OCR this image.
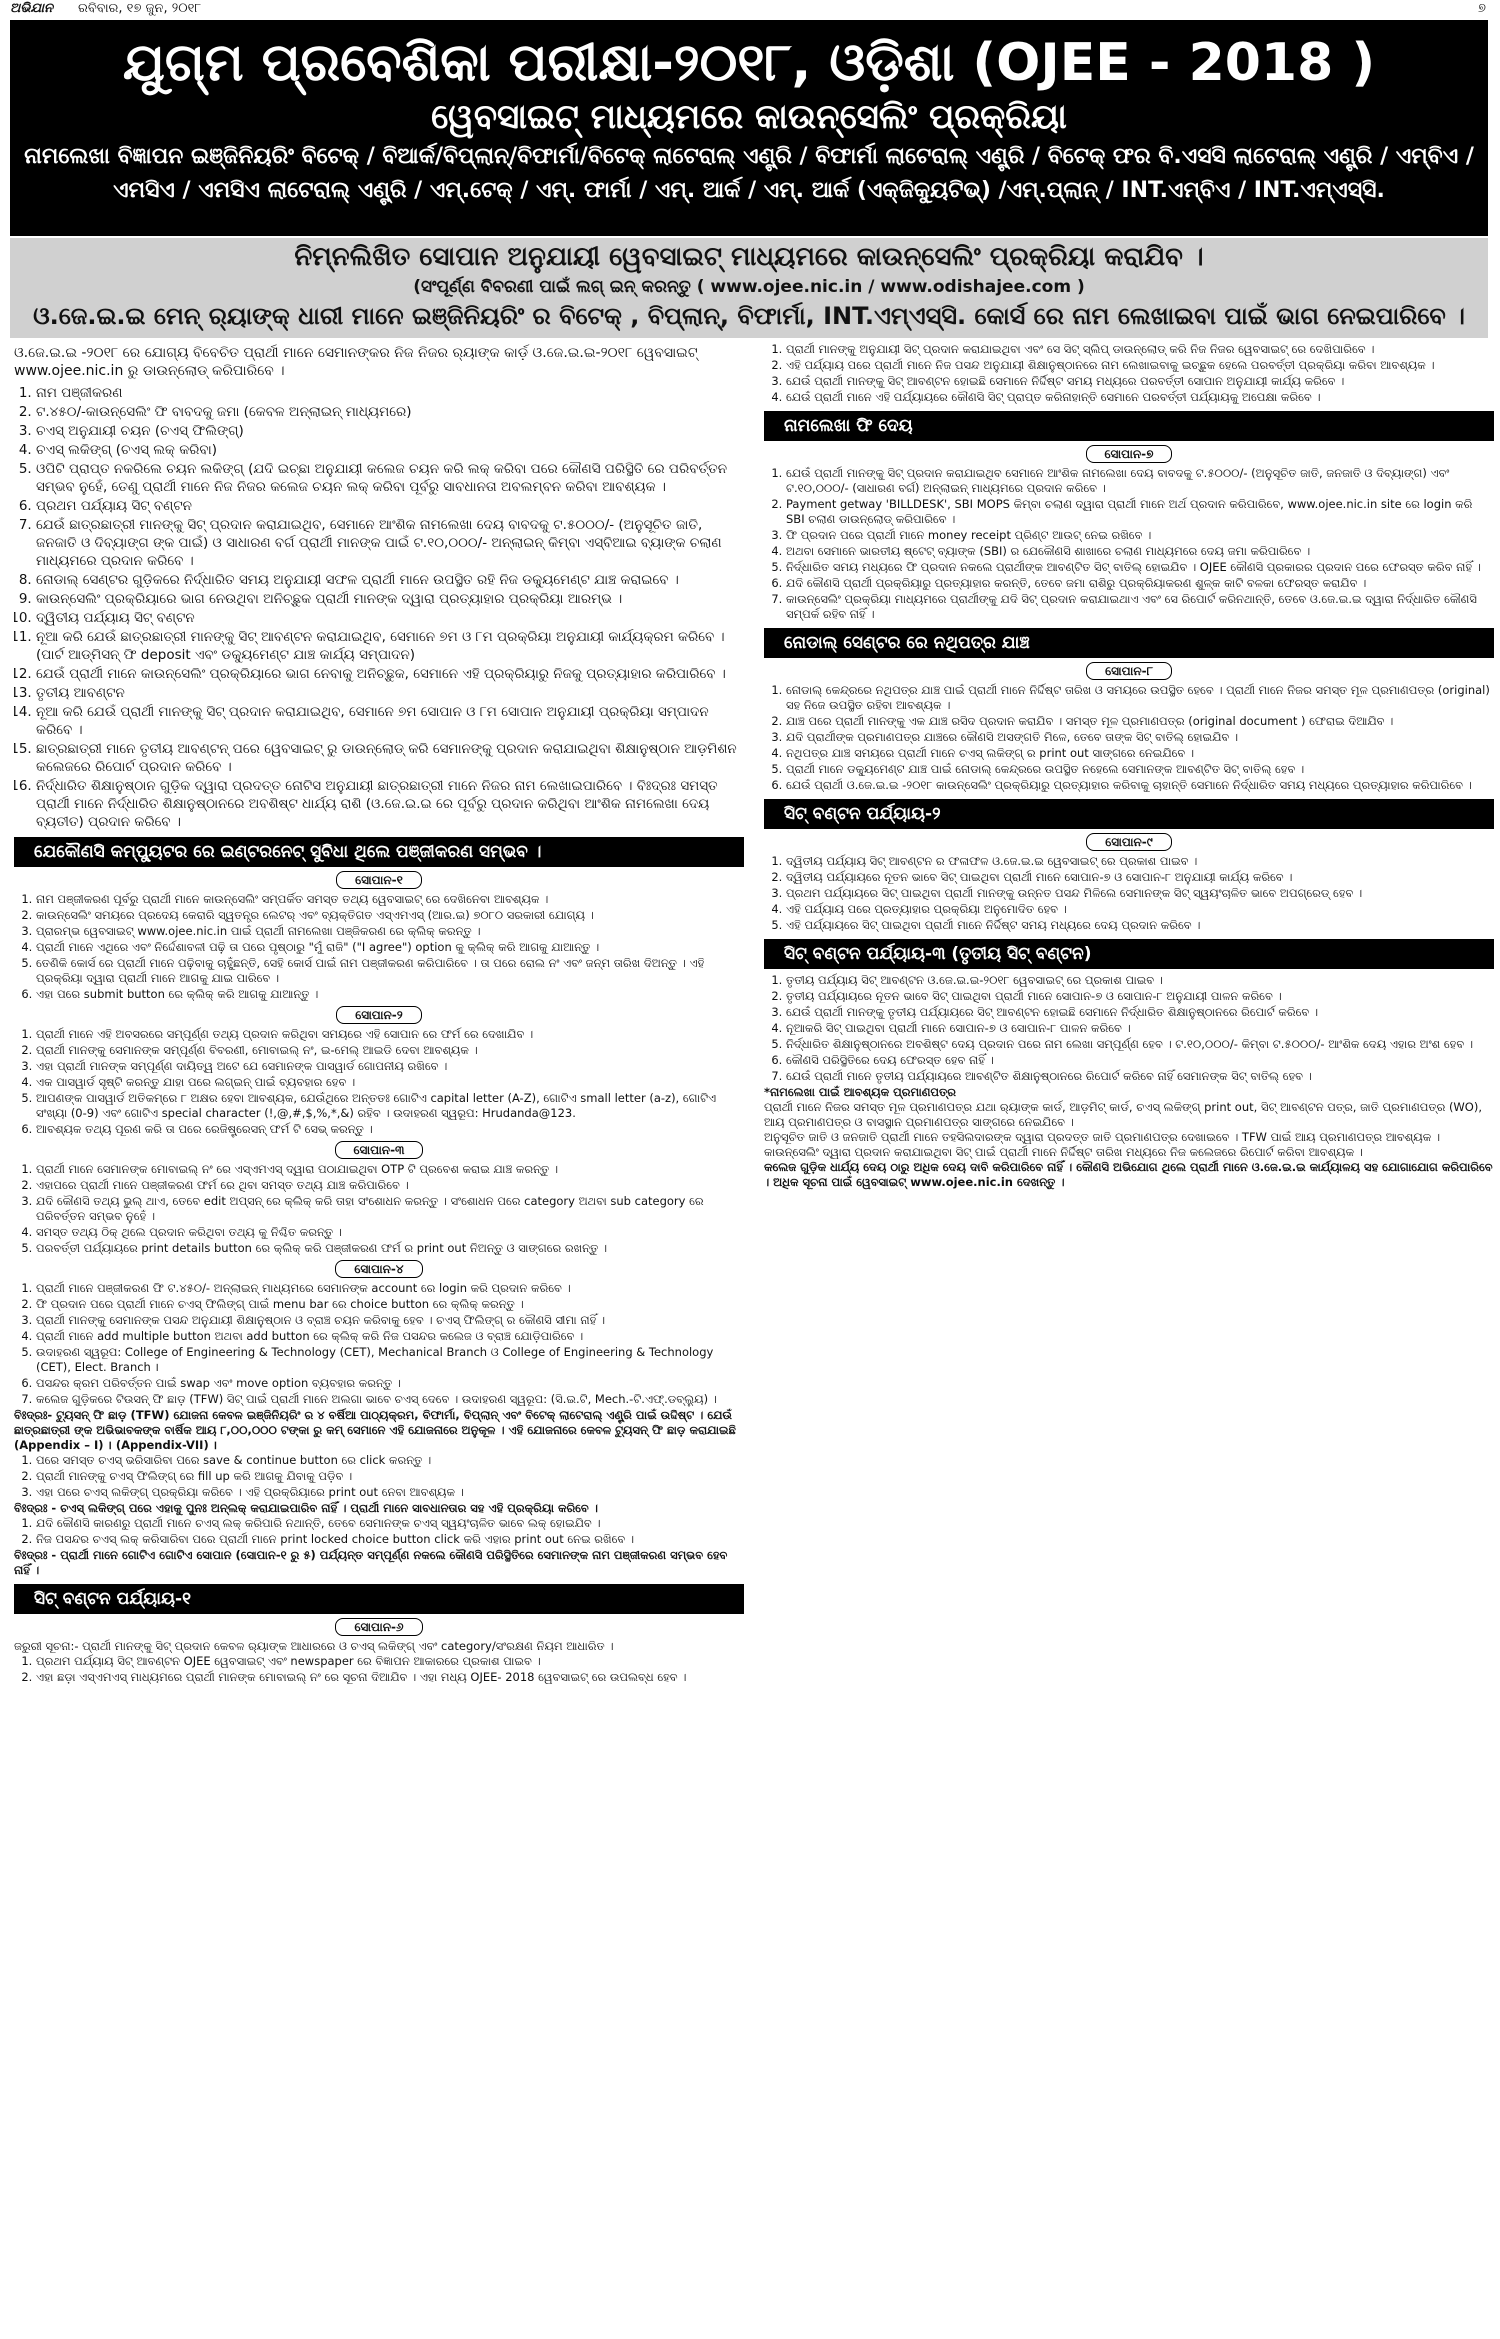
ଅଭିଯାନ ରବିବାର, ୧୭ ଜୁନ, ୨୦୧୮	୭
ଯୁଗ୍ମ ପ୍ରବେଶିକା ପରୀକ୍ଷା-୨୦୧୮, ଓଡ଼ିଶା (OJEE - 2018 )
ୱେବସାଇଟ୍ ମାଧ୍ୟମରେ କାଉନ୍‌ସେଲିଂ ପ୍ରକ୍ରିୟା
ନାମଲେଖା ବିଜ୍ଞାପନ ଇଞ୍ଜିନିୟରିଂ ବିଟେକ୍ / ବିଆର୍କ/ବିପ୍ଲାନ୍/ବିଫାର୍ମା/ବିଟେକ୍ ଲାଟେରାଲ୍ ଏଣ୍ଟ୍ରି / ବିଫାର୍ମା ଲାଟେରାଲ୍ ଏଣ୍ଟ୍ରି / ବିଟେକ୍ ଫର ବି.ଏସସି ଲାଟେରାଲ୍ ଏଣ୍ଟ୍ରି / ଏମ୍‌ବିଏ /
ଏମସିଏ / ଏମସିଏ ଲାଟେରାଲ୍ ଏଣ୍ଟ୍ରି / ଏମ୍.ଟେକ୍ / ଏମ୍. ଫାର୍ମା / ଏମ୍. ଆର୍କ / ଏମ୍. ଆର୍କ (ଏକ୍ଜିକ୍ୟୁଟିଭ୍) /ଏମ୍.ପ୍ଲାନ୍ / INT.ଏମ୍‌ବିଏ / INT.ଏମ୍‌ଏସ୍‌ସି.
ନିମ୍ନଲିଖିତ ସୋପାନ ଅନୁଯାୟୀ ୱେବସାଇଟ୍ ମାଧ୍ୟମରେ କାଉନ୍‌ସେଲିଂ ପ୍ରକ୍ରିୟା କରାଯିବ ।
(ସଂପୂର୍ଣ୍ଣ ବିବରଣୀ ପାଇଁ ଲଗ୍ ଇନ୍ କରନ୍ତୁ ( www.ojee.nic.in / www.odishajee.com )
ଓ.ଜେ.ଇ.ଇ ମେନ୍ ର୍‍ୟାଙ୍କ୍ ଧାରୀ ମାନେ ଇଞ୍ଜିନିୟରିଂ ର ବିଟେକ୍ , ବିପ୍ଲାନ୍, ବିଫାର୍ମା, INT.ଏମ୍‌ଏସ୍‌ସି. କୋର୍ସ ରେ ନାମ ଲେଖାଇବା ପାଇଁ ଭାଗ ନେଇପାରିବେ ।
ଓ.ଜେ.ଇ.ଇ -୨୦୧୮ ରେ ଯୋଗ୍ୟ ବିବେଚିତ ପ୍ରାର୍ଥୀ ମାନେ ସେମାନଙ୍କର ନିଜ ନିଜର ର୍‍ୟାଙ୍କ କାର୍ଡ଼ ଓ.ଜେ.ଇ.ଇ-୨୦୧୮ ୱେବସାଇଟ୍ www.ojee.nic.in ରୁ ଡାଉନ୍‌ଲୋଡ୍ କରିପାରିବେ ।
1. ନାମ ପଞ୍ଜୀକରଣ
2. ଟ.୪୫୦/-କାଉନ୍‌ସେଲିଂ ଫି ବାବଦକୁ ଜମା (କେବଳ ଅନ୍‌ଲାଇନ୍ ମାଧ୍ୟମରେ)
3. ଚଏସ୍ ଅନୁଯାୟୀ ଚୟନ (ଚଏସ୍ ଫିଲିଙ୍ଗ୍)
4. ଚଏସ୍ ଲକିଙ୍ଗ୍ (ଚଏସ୍ ଲକ୍ କରିବା)
5. ଓପିଟି ପ୍ରାପ୍ତ ନକରିଲେ ଚୟନ ଲକିଙ୍ଗ୍ (ଯଦି ଇଚ୍ଛା ଅନୁଯାୟୀ କଲେଜ ଚୟନ କରି ଲକ୍ କରିବା ପରେ କୌଣସି ପରିସ୍ଥିତି ରେ ପରିବର୍ତ୍ତନ ସମ୍ଭବ ନୁହେଁ, ତେଣୁ ପ୍ରାର୍ଥୀ ମାନେ ନିଜ ନିଜର କଲେଜ ଚୟନ ଲକ୍ କରିବା ପୂର୍ବରୁ ସାବଧାନତା ଅବଲମ୍ବନ କରିବା ଆବଶ୍ୟକ ।
6. ପ୍ରଥମ ପର୍ଯ୍ୟାୟ ସିଟ୍ ବଣ୍ଟନ
7. ଯେଉଁ ଛାତ୍ରଛାତ୍ରୀ ମାନଙ୍କୁ ସିଟ୍ ପ୍ରଦାନ କରାଯାଇଥିବ, ସେମାନେ ଆଂଶିକ ନାମଲେଖା ଦେୟ ବାବଦକୁ ଟ.୫୦୦୦/- (ଅନୁସୂଚିତ ଜାତି, ଜନଜାତି ଓ ଦିବ୍ୟାଙ୍ଗ ଙ୍କ ପାଇଁ) ଓ ସାଧାରଣ ବର୍ଗ ପ୍ରାର୍ଥୀ ମାନଙ୍କ ପାଇଁ ଟ.୧୦,୦୦୦/- ଅନ୍‌ଲାଇନ୍ କିମ୍ବା ଏସ୍‌ବିଆଇ ବ୍ୟାଙ୍କ ଚଲାଣ ମାଧ୍ୟମରେ ପ୍ରଦାନ କରିବେ ।
8. ନୋଡାଲ୍ ସେଣ୍ଟର ଗୁଡ଼ିକରେ ନିର୍ଦ୍ଧାରିତ ସମୟ ଅନୁଯାୟୀ ସଫଳ ପ୍ରାର୍ଥୀ ମାନେ ଉପସ୍ଥିତ ରହି ନିଜ ଡକ୍ୟୁମେଣ୍ଟ ଯାଞ୍ଚ କରାଇବେ ।
9. କାଉନ୍‌ସେଲିଂ ପ୍ରକ୍ରିୟାରେ ଭାଗ ନେଉଥିବା ଅନିଚ୍ଛୁକ ପ୍ରାର୍ଥୀ ମାନଙ୍କ ଦ୍ୱାରା ପ୍ରତ୍ୟାହାର ପ୍ରକ୍ରିୟା ଆରମ୍ଭ ।
10. ଦ୍ୱିତୀୟ ପର୍ଯ୍ୟାୟ ସିଟ୍ ବଣ୍ଟନ
11. ନୂଆ କରି ଯେଉଁ ଛାତ୍ରଛାତ୍ରୀ ମାନଙ୍କୁ ସିଟ୍ ଆବଣ୍ଟନ କରାଯାଇଥିବ, ସେମାନେ ୭ମ ଓ ୮ମ ପ୍ରକ୍ରିୟା ଅନୁଯାୟୀ କାର୍ଯ୍ୟକ୍ରମ କରିବେ । (ପାର୍ଟ ଆଡ୍‌ମିସନ୍ ଫି deposit ଏବଂ ଡକ୍ୟୁମେଣ୍ଟ ଯାଞ୍ଚ କାର୍ଯ୍ୟ ସମ୍ପାଦନ)
12. ଯେଉଁ ପ୍ରାର୍ଥୀ ମାନେ କାଉନ୍‌ସେଲିଂ ପ୍ରକ୍ରିୟାରେ ଭାଗ ନେବାକୁ ଅନିଚ୍ଛୁକ, ସେମାନେ ଏହି ପ୍ରକ୍ରିୟାରୁ ନିଜକୁ ପ୍ରତ୍ୟାହାର କରିପାରିବେ ।
13. ତୃତୀୟ ଆବଣ୍ଟନ
14. ନୂଆ କରି ଯେଉଁ ପ୍ରାର୍ଥୀ ମାନଙ୍କୁ ସିଟ୍ ପ୍ରଦାନ କରାଯାଇଥିବ, ସେମାନେ ୭ମ ସୋପାନ ଓ ୮ମ ସୋପାନ ଅନୁଯାୟୀ ପ୍ରକ୍ରିୟା ସମ୍ପାଦନ କରିବେ ।
15. ଛାତ୍ରଛାତ୍ରୀ ମାନେ ତୃତୀୟ ଆବଣ୍ଟନ୍ ପରେ ୱେବସାଇଟ୍ ରୁ ଡାଉନ୍‌ଲୋଡ୍ କରି ସେମାନଙ୍କୁ ପ୍ରଦାନ କରାଯାଇଥିବା ଶିକ୍ଷାନୁଷ୍ଠାନ ଆଡ଼ମିଶନ କଲେଜରେ ରିପୋର୍ଟ ପ୍ରଦାନ କରିବେ ।
16. ନିର୍ଦ୍ଧାରିତ ଶିକ୍ଷାନୁଷ୍ଠାନ ଗୁଡ଼ିକ ଦ୍ୱାରା ପ୍ରଦତ୍ତ ନୋଟିସ ଅନୁଯାୟୀ ଛାତ୍ରଛାତ୍ରୀ ମାନେ ନିଜର ନାମ ଲେଖାଇପାରିବେ । ବିଃଦ୍ରଃ ସମସ୍ତ ପ୍ରାର୍ଥୀ ମାନେ ନିର୍ଦ୍ଧାରିତ ଶିକ୍ଷାନୁଷ୍ଠାନରେ ଅବଶିଷ୍ଟ ଧାର୍ଯ୍ୟ ରାଶି (ଓ.ଜେ.ଇ.ଇ ରେ ପୂର୍ବରୁ ପ୍ରଦାନ କରିଥିବା ଆଂଶିକ ନାମଲେଖା ଦେୟ ବ୍ୟତୀତ) ପ୍ରଦାନ କରିବେ ।
ଯେକୌଣସି କମ୍ପ୍ୟୁଟର ରେ ଇଣ୍ଟରନେଟ୍ ସୁବିଧା ଥିଲେ ପଞ୍ଜୀକରଣ ସମ୍ଭବ ।
ସୋପାନ-୧
1. ନାମ ପଞ୍ଜୀକରଣ ପୂର୍ବରୁ ପ୍ରାର୍ଥୀ ମାନେ କାଉନ୍‌ସେଲିଂ ସମ୍ପର୍କିତ ସମସ୍ତ ତଥ୍ୟ ୱେବସାଇଟ୍ ରେ ଦେଖିନେବା ଆବଶ୍ୟକ ।
2. କାଉନ୍‌ସେଲିଂ ସମୟରେ ପ୍ରଦେୟ କେରାରି ସ୍ୱତନ୍ତ୍ର ଲେଟର୍ ଏବଂ ବ୍ୟକ୍ତିଗତ ଏସ୍‌ଏମଏସ୍ (ଆର.ଇ) ୭୦୮୦ ସରକାରୀ ଯୋଗ୍ୟ ।
3. ପ୍ରାରମ୍ଭ ୱେବସାଇଟ୍ www.ojee.nic.in ପାଇଁ ପ୍ରାର୍ଥୀ ନାମଲେଖା ପଞ୍ଜିକରଣ ରେ କ୍ଲିକ୍ କରନ୍ତୁ ।
4. ପ୍ରାର୍ଥୀ ମାନେ ଏଥିରେ ଏବଂ ନିର୍ଦ୍ଦେଶାବଳୀ ପଢ଼ି ତା ପରେ ପୃଷ୍ଠାରୁ "ମୁଁ ରାଜି" ("I agree") option କୁ କ୍ଲିକ୍ କରି ଆଗକୁ ଯାଆନ୍ତୁ ।
5. ତେଣିକି କୋର୍ସ ରେ ପ୍ରାର୍ଥୀ ମାନେ ପଢ଼ିବାକୁ ଚାହୁଁଛନ୍ତି, ସେହି କୋର୍ସ ପାଇଁ ନାମ ପଞ୍ଜୀକରଣ କରିପାରିବେ । ତା ପରେ ରୋଲ ନଂ ଏବଂ ଜନ୍ମ ତାରିଖ ଦିଅନ୍ତୁ । ଏହି ପ୍ରକ୍ରିୟା ଦ୍ୱାରା ପ୍ରାର୍ଥୀ ମାନେ ଆଗକୁ ଯାଇ ପାରିବେ ।
6. ଏହା ପରେ submit button ରେ କ୍ଲିକ୍ କରି ଆଗକୁ ଯାଆନ୍ତୁ ।
ସୋପାନ-୨
1. ପ୍ରାର୍ଥୀ ମାନେ ଏହି ଅବସରରେ ସମ୍ପୂର୍ଣ୍ଣ ତଥ୍ୟ ପ୍ରଦାନ କରିଥିବା ସମୟରେ ଏହି ସୋପାନ ରେ ଫର୍ମ ରେ ଦେଖାଯିବ ।
2. ପ୍ରାର୍ଥୀ ମାନଙ୍କୁ ସେମାନଙ୍କ ସମ୍ପୂର୍ଣ୍ଣ ବିବରଣୀ, ମୋବାଇଲ୍ ନଂ, ଇ-ମେଲ୍ ଆଇଡି ଦେବା ଆବଶ୍ୟକ ।
3. ଏହା ପ୍ରାର୍ଥୀ ମାନଙ୍କ ସମ୍ପୂର୍ଣ୍ଣ ଦାୟିତ୍ୱ ଅଟେ ଯେ ସେମାନଙ୍କ ପାସୱାର୍ଡ ଗୋପନୀୟ ରଖିବେ ।
4. ଏକ ପାସୱାର୍ଡ ସୃଷ୍ଟି କରନ୍ତୁ ଯାହା ପରେ ଲଗ୍‌ଇନ୍ ପାଇଁ ବ୍ୟବହାର ହେବ ।
5. ଆପଣଙ୍କ ପାସୱାର୍ଡ ଅତିକମ୍‌ରେ ୮ ଅକ୍ଷର ହେବା ଆବଶ୍ୟକ, ଯେଉଁଥିରେ ଅନ୍ତତଃ ଗୋଟିଏ capital letter (A-Z), ଗୋଟିଏ small letter (a-z), ଗୋଟିଏ ସଂଖ୍ୟା (0-9) ଏବଂ ଗୋଟିଏ special character (!,@,#,$,%,*,&) ରହିବ । ଉଦାହରଣ ସ୍ୱରୂପ: Hrudanda@123.
6. ଆବଶ୍ୟକ ତଥ୍ୟ ପୂରଣ କରି ତା ପରେ ରେଜିଷ୍ଟ୍ରେସନ୍ ଫର୍ମ ଟି ସେଭ୍ କରନ୍ତୁ ।
ସୋପାନ-୩
1. ପ୍ରାର୍ଥୀ ମାନେ ସେମାନଙ୍କ ମୋବାଇଲ୍ ନଂ ରେ ଏସ୍‌ଏମଏସ୍ ଦ୍ୱାରା ପଠାଯାଇଥିବା OTP ଟି ପ୍ରବେଶ କରାଇ ଯାଞ୍ଚ କରନ୍ତୁ ।
2. ଏହାପରେ ପ୍ରାର୍ଥୀ ମାନେ ପଞ୍ଜୀକରଣ ଫର୍ମ ରେ ଥିବା ସମସ୍ତ ତଥ୍ୟ ଯାଞ୍ଚ କରିପାରିବେ ।
3. ଯଦି କୌଣସି ତଥ୍ୟ ଭୁଲ୍ ଥାଏ, ତେବେ edit ଅପ୍ସନ୍ ରେ କ୍ଲିକ୍ କରି ତାହା ସଂଶୋଧନ କରନ୍ତୁ । ସଂଶୋଧନ ପରେ category ଅଥବା sub category ରେ ପରିବର୍ତ୍ତନ ସମ୍ଭବ ନୁହେଁ ।
4. ସମସ୍ତ ତଥ୍ୟ ଠିକ୍ ଥିଲେ ପ୍ରଦାନ କରିଥିବା ତଥ୍ୟ କୁ ନିଶ୍ଚିତ କରନ୍ତୁ ।
5. ପରବର୍ତ୍ତୀ ପର୍ଯ୍ୟାୟରେ print details button ରେ କ୍ଲିକ୍ କରି ପଞ୍ଜୀକରଣ ଫର୍ମ ର print out ନିଅନ୍ତୁ ଓ ସାଙ୍ଗରେ ରଖନ୍ତୁ ।
ସୋପାନ-୪
1. ପ୍ରାର୍ଥୀ ମାନେ ପଞ୍ଜୀକରଣ ଫି ଟ.୪୫୦/- ଅନ୍‌ଲାଇନ୍ ମାଧ୍ୟମରେ ସେମାନଙ୍କ account ରେ login କରି ପ୍ରଦାନ କରିବେ ।
2. ଫି ପ୍ରଦାନ ପରେ ପ୍ରାର୍ଥୀ ମାନେ ଚଏସ୍ ଫିଲିଙ୍ଗ୍ ପାଇଁ menu bar ରେ choice button ରେ କ୍ଲିକ୍ କରନ୍ତୁ ।
3. ପ୍ରାର୍ଥୀ ମାନଙ୍କୁ ସେମାନଙ୍କ ପସନ୍ଦ ଅନୁଯାୟୀ ଶିକ୍ଷାନୁଷ୍ଠାନ ଓ ବ୍ରାଞ୍ଚ ଚୟନ କରିବାକୁ ହେବ । ଚଏସ୍ ଫିଲିଙ୍ଗ୍ ର କୌଣସି ସୀମା ନାହିଁ ।
4. ପ୍ରାର୍ଥୀ ମାନେ add multiple button ଅଥବା add button ରେ କ୍ଲିକ୍ କରି ନିଜ ପସନ୍ଦର କଲେଜ ଓ ବ୍ରାଞ୍ଚ ଯୋଡ଼ିପାରିବେ ।
5. ଉଦାହରଣ ସ୍ୱରୂପ: College of Engineering & Technology (CET), Mechanical Branch ଓ College of Engineering & Technology (CET), Elect. Branch ।
6. ପସନ୍ଦର କ୍ରମ ପରିବର୍ତ୍ତନ ପାଇଁ swap ଏବଂ move option ବ୍ୟବହାର କରନ୍ତୁ ।
7. କଲେଜ ଗୁଡ଼ିକରେ ଟିଉସନ୍ ଫି ଛାଡ଼ (TFW) ସିଟ୍ ପାଇଁ ପ୍ରାର୍ଥୀ ମାନେ ଅଲଗା ଭାବେ ଚଏସ୍ ଦେବେ । ଉଦାହରଣ ସ୍ୱରୂପ: (ସି.ଇ.ଟି, Mech.-ଟି.ଏଫ୍.ଡବ୍ଲ୍ୟୁ) ।
ବିଃଦ୍ରଃ- ଟ୍ୟୁସନ୍ ଫି ଛାଡ଼ (TFW) ଯୋଜନା କେବଳ ଇଞ୍ଜିନିୟରିଂ ର ୪ ବର୍ଷିଆ ପାଠ୍ୟକ୍ରମ, ବିଫାର୍ମା, ବିପ୍ଲାନ୍ ଏବଂ ବିଟେକ୍ ଲାଟେରାଲ୍ ଏଣ୍ଟ୍ରି ପାଇଁ ଉଦ୍ଦିଷ୍ଟ । ଯେଉଁ ଛାତ୍ରଛାତ୍ରୀ ଙ୍କ ଅଭିଭାବକଙ୍କ ବାର୍ଷିକ ଆୟ ୮,୦୦,୦୦୦ ଟଙ୍କା ରୁ କମ୍ ସେମାନେ ଏହି ଯୋଜନାରେ ଅନୁକୂଳ । ଏହି ଯୋଜନାରେ କେବଳ ଟ୍ୟୁସନ୍ ଫି ଛାଡ଼ କରାଯାଇଛି (Appendix – I) । (Appendix-VII) ।
1. ପରେ ସମସ୍ତ ଚଏସ୍ ଭରିସାରିବା ପରେ save & continue button ରେ click କରନ୍ତୁ ।
2. ପ୍ରାର୍ଥୀ ମାନଙ୍କୁ ଚଏସ୍ ଫିଲିଙ୍ଗ୍ ରେ fill up କରି ଆଗକୁ ଯିବାକୁ ପଡ଼ିବ ।
3. ଏହା ପରେ ଚଏସ୍ ଲକିଙ୍ଗ୍ ପ୍ରକ୍ରିୟା କରିବେ । ଏହି ପ୍ରକ୍ରିୟାରେ print out ନେବା ଆବଶ୍ୟକ ।
ବିଃଦ୍ରଃ - ଚଏସ୍ ଲକିଙ୍ଗ୍ ପରେ ଏହାକୁ ପୁନଃ ଅନ୍‌ଲକ୍ କରାଯାଇପାରିବ ନାହିଁ । ପ୍ରାର୍ଥୀ ମାନେ ସାବଧାନତାର ସହ ଏହି ପ୍ରକ୍ରିୟା କରିବେ ।
1. ଯଦି କୌଣସି କାରଣରୁ ପ୍ରାର୍ଥୀ ମାନେ ଚଏସ୍ ଲକ୍ କରିପାରି ନଥାନ୍ତି, ତେବେ ସେମାନଙ୍କ ଚଏସ୍ ସ୍ୱୟଂଚାଳିତ ଭାବେ ଲକ୍ ହୋଇଯିବ ।
2. ନିଜ ପସନ୍ଦର ଚଏସ୍ ଲକ୍ କରିସାରିବା ପରେ ପ୍ରାର୍ଥୀ ମାନେ print locked choice button click କରି ଏହାର print out ନେଇ ରଖିବେ ।
ବିଃଦ୍ରଃ - ପ୍ରାର୍ଥୀ ମାନେ ଗୋଟିଏ ଗୋଟିଏ ସୋପାନ (ସୋପାନ-୧ ରୁ ୫) ପର୍ଯ୍ୟନ୍ତ ସମ୍ପୂର୍ଣ୍ଣ ନକଲେ କୌଣସି ପରିସ୍ଥିତିରେ ସେମାନଙ୍କ ନାମ ପଞ୍ଜୀକରଣ ସମ୍ଭବ ହେବ ନାହିଁ ।
ସିଟ୍ ବଣ୍ଟନ ପର୍ଯ୍ୟାୟ-୧
ସୋପାନ-୬
ଜରୁରୀ ସୂଚନା:- ପ୍ରାର୍ଥୀ ମାନଙ୍କୁ ସିଟ୍ ପ୍ରଦାନ କେବଳ ର୍‍ୟାଙ୍କ ଆଧାରରେ ଓ ଚଏସ୍ ଲକିଙ୍ଗ୍ ଏବଂ category/ସଂରକ୍ଷଣ ନିୟମ ଆଧାରିତ ।
1. ପ୍ରଥମ ପର୍ଯ୍ୟାୟ ସିଟ୍ ଆବଣ୍ଟନ OJEE ୱେବସାଇଟ୍ ଏବଂ newspaper ରେ ବିଜ୍ଞାପନ ଆକାରରେ ପ୍ରକାଶ ପାଇବ ।
2. ଏହା ଛଡ଼ା ଏସ୍‌ଏମଏସ୍ ମାଧ୍ୟମରେ ପ୍ରାର୍ଥୀ ମାନଙ୍କ ମୋବାଇଲ୍ ନଂ ରେ ସୂଚନା ଦିଆଯିବ । ଏହା ମଧ୍ୟ OJEE- 2018 ୱେବସାଇଟ୍ ରେ ଉପଲବ୍ଧ ହେବ ।
1. ପ୍ରାର୍ଥୀ ମାନଙ୍କୁ ଅନୁଯାୟୀ ସିଟ୍ ପ୍ରଦାନ କରାଯାଇଥିବା ଏବଂ ସେ ସିଟ୍ ସ୍ଲିପ୍ ଡାଉନ୍‌ଲୋଡ୍ କରି ନିଜ ନିଜର ୱେବସାଇଟ୍ ରେ ଦେଖିପାରିବେ ।
2. ଏହି ପର୍ଯ୍ୟାୟ ପରେ ପ୍ରାର୍ଥୀ ମାନେ ନିଜ ପସନ୍ଦ ଅନୁଯାୟୀ ଶିକ୍ଷାନୁଷ୍ଠାନରେ ନାମ ଲେଖାଇବାକୁ ଇଚ୍ଛୁକ ହେଲେ ପରବର୍ତ୍ତୀ ପ୍ରକ୍ରିୟା କରିବା ଆବଶ୍ୟକ ।
3. ଯେଉଁ ପ୍ରାର୍ଥୀ ମାନଙ୍କୁ ସିଟ୍ ଆବଣ୍ଟନ ହୋଇଛି ସେମାନେ ନିର୍ଦ୍ଦିଷ୍ଟ ସମୟ ମଧ୍ୟରେ ପରବର୍ତ୍ତୀ ସୋପାନ ଅନୁଯାୟୀ କାର୍ଯ୍ୟ କରିବେ ।
4. ଯେଉଁ ପ୍ରାର୍ଥୀ ମାନେ ଏହି ପର୍ଯ୍ୟାୟରେ କୌଣସି ସିଟ୍ ପ୍ରାପ୍ତ କରିନାହାନ୍ତି ସେମାନେ ପରବର୍ତ୍ତୀ ପର୍ଯ୍ୟାୟକୁ ଅପେକ୍ଷା କରିବେ ।
ନାମଲେଖା ଫି ଦେୟ
ସୋପାନ-୭
1. ଯେଉଁ ପ୍ରାର୍ଥୀ ମାନଙ୍କୁ ସିଟ୍ ପ୍ରଦାନ କରାଯାଇଥିବ ସେମାନେ ଆଂଶିକ ନାମଲେଖା ଦେୟ ବାବଦକୁ ଟ.୫୦୦୦/- (ଅନୁସୂଚିତ ଜାତି, ଜନଜାତି ଓ ଦିବ୍ୟାଙ୍ଗ) ଏବଂ ଟ.୧୦,୦୦୦/- (ସାଧାରଣ ବର୍ଗ) ଅନ୍‌ଲାଇନ୍ ମାଧ୍ୟମରେ ପ୍ରଦାନ କରିବେ ।
2. Payment getway 'BILLDESK', SBI MOPS କିମ୍ବା ଚଲାଣ ଦ୍ୱାରା ପ୍ରାର୍ଥୀ ମାନେ ଅର୍ଥ ପ୍ରଦାନ କରିପାରିବେ, www.ojee.nic.in site ରେ login କରି SBI ଚଲାଣ ଡାଉନ୍‌ଲୋଡ୍ କରିପାରିବେ ।
3. ଫି ପ୍ରଦାନ ପରେ ପ୍ରାର୍ଥୀ ମାନେ money receipt ପ୍ରିଣ୍ଟ ଆଉଟ୍ ନେଇ ରଖିବେ ।
4. ଅଥବା ସେମାନେ ଭାରତୀୟ ଷ୍ଟେଟ୍ ବ୍ୟାଙ୍କ (SBI) ର ଯେକୌଣସି ଶାଖାରେ ଚଲାଣ ମାଧ୍ୟମରେ ଦେୟ ଜମା କରିପାରିବେ ।
5. ନିର୍ଦ୍ଧାରିତ ସମୟ ମଧ୍ୟରେ ଫି ପ୍ରଦାନ ନକଲେ ପ୍ରାର୍ଥୀଙ୍କ ଆବଣ୍ଟିତ ସିଟ୍ ବାତିଲ୍ ହୋଇଯିବ । OJEE କୌଣସି ପ୍ରକାରର ପ୍ରଦାନ ପରେ ଫେରସ୍ତ କରିବ ନାହିଁ ।
6. ଯଦି କୌଣସି ପ୍ରାର୍ଥୀ ପ୍ରକ୍ରିୟାରୁ ପ୍ରତ୍ୟାହାର କରନ୍ତି, ତେବେ ଜମା ରାଶିରୁ ପ୍ରକ୍ରିୟାକରଣ ଶୁଳ୍କ କାଟି ବଳକା ଫେରସ୍ତ କରାଯିବ ।
7. କାଉନ୍‌ସେଲିଂ ପ୍ରକ୍ରିୟା ମାଧ୍ୟମରେ ପ୍ରାର୍ଥୀଙ୍କୁ ଯଦି ସିଟ୍ ପ୍ରଦାନ କରାଯାଇଥାଏ ଏବଂ ସେ ରିପୋର୍ଟ କରିନଥାନ୍ତି, ତେବେ ଓ.ଜେ.ଇ.ଇ ଦ୍ୱାରା ନିର୍ଦ୍ଧାରିତ କୌଣସି ସମ୍ପର୍କ ରହିବ ନାହିଁ ।
ନୋଡାଲ୍ ସେଣ୍ଟର ରେ ନଥିପତ୍ର ଯାଞ୍ଚ
ସୋପାନ-୮
1. ନୋଡାଲ୍ କେନ୍ଦ୍ରରେ ନଥିପତ୍ର ଯାଞ୍ଚ ପାଇଁ ପ୍ରାର୍ଥୀ ମାନେ ନିର୍ଦ୍ଦିଷ୍ଟ ତାରିଖ ଓ ସମୟରେ ଉପସ୍ଥିତ ହେବେ । ପ୍ରାର୍ଥୀ ମାନେ ନିଜର ସମସ୍ତ ମୂଳ ପ୍ରମାଣପତ୍ର (original) ସହ ନିଜେ ଉପସ୍ଥିତ ରହିବା ଆବଶ୍ୟକ ।
2. ଯାଞ୍ଚ ପରେ ପ୍ରାର୍ଥୀ ମାନଙ୍କୁ ଏକ ଯାଞ୍ଚ ରସିଦ ପ୍ରଦାନ କରାଯିବ । ସମସ୍ତ ମୂଳ ପ୍ରମାଣପତ୍ର (original document ) ଫେରାଇ ଦିଆଯିବ ।
3. ଯଦି ପ୍ରାର୍ଥୀଙ୍କ ପ୍ରମାଣପତ୍ର ଯାଞ୍ଚରେ କୌଣସି ଅସଙ୍ଗତି ମିଳେ, ତେବେ ତାଙ୍କ ସିଟ୍ ବାତିଲ୍ ହୋଇଯିବ ।
4. ନଥିପତ୍ର ଯାଞ୍ଚ ସମୟରେ ପ୍ରାର୍ଥୀ ମାନେ ଚଏସ୍ ଲକିଙ୍ଗ୍ ର print out ସାଙ୍ଗରେ ନେଇଯିବେ ।
5. ପ୍ରାର୍ଥୀ ମାନେ ଡକ୍ୟୁମେଣ୍ଟ ଯାଞ୍ଚ ପାଇଁ ନୋଡାଲ୍ କେନ୍ଦ୍ରରେ ଉପସ୍ଥିତ ନହେଲେ ସେମାନଙ୍କ ଆବଣ୍ଟିତ ସିଟ୍ ବାତିଲ୍ ହେବ ।
6. ଯେଉଁ ପ୍ରାର୍ଥୀ ଓ.ଜେ.ଇ.ଇ -୨୦୧୮ କାଉନ୍‌ସେଲିଂ ପ୍ରକ୍ରିୟାରୁ ପ୍ରତ୍ୟାହାର କରିବାକୁ ଚାହାନ୍ତି ସେମାନେ ନିର୍ଦ୍ଧାରିତ ସମୟ ମଧ୍ୟରେ ପ୍ରତ୍ୟାହାର କରିପାରିବେ ।
ସିଟ୍ ବଣ୍ଟନ ପର୍ଯ୍ୟାୟ-୨
ସୋପାନ-୯
1. ଦ୍ୱିତୀୟ ପର୍ଯ୍ୟାୟ ସିଟ୍ ଆବଣ୍ଟନ ର ଫଳାଫଳ ଓ.ଜେ.ଇ.ଇ ୱେବସାଇଟ୍ ରେ ପ୍ରକାଶ ପାଇବ ।
2. ଦ୍ୱିତୀୟ ପର୍ଯ୍ୟାୟରେ ନୂତନ ଭାବେ ସିଟ୍ ପାଇଥିବା ପ୍ରାର୍ଥୀ ମାନେ ସୋପାନ-୭ ଓ ସୋପାନ-୮ ଅନୁଯାୟୀ କାର୍ଯ୍ୟ କରିବେ ।
3. ପ୍ରଥମ ପର୍ଯ୍ୟାୟରେ ସିଟ୍ ପାଇଥିବା ପ୍ରାର୍ଥୀ ମାନଙ୍କୁ ଉନ୍ନତ ପସନ୍ଦ ମିଳିଲେ ସେମାନଙ୍କ ସିଟ୍ ସ୍ୱୟଂଚାଳିତ ଭାବେ ଅପଗ୍ରେଡ୍ ହେବ ।
4. ଏହି ପର୍ଯ୍ୟାୟ ପରେ ପ୍ରତ୍ୟାହାର ପ୍ରକ୍ରିୟା ଅନୁମୋଦିତ ହେବ ।
5. ଏହି ପର୍ଯ୍ୟାୟରେ ସିଟ୍ ପାଇଥିବା ପ୍ରାର୍ଥୀ ମାନେ ନିର୍ଦ୍ଦିଷ୍ଟ ସମୟ ମଧ୍ୟରେ ଦେୟ ପ୍ରଦାନ କରିବେ ।
ସିଟ୍ ବଣ୍ଟନ ପର୍ଯ୍ୟାୟ-୩ (ତୃତୀୟ ସିଟ୍ ବଣ୍ଟନ)
1. ତୃତୀୟ ପର୍ଯ୍ୟାୟ ସିଟ୍ ଆବଣ୍ଟନ ଓ.ଜେ.ଇ.ଇ-୨୦୧୮ ୱେବସାଇଟ୍ ରେ ପ୍ରକାଶ ପାଇବ ।
2. ତୃତୀୟ ପର୍ଯ୍ୟାୟରେ ନୂତନ ଭାବେ ସିଟ୍ ପାଇଥିବା ପ୍ରାର୍ଥୀ ମାନେ ସୋପାନ-୭ ଓ ସୋପାନ-୮ ଅନୁଯାୟୀ ପାଳନ କରିବେ ।
3. ଯେଉଁ ପ୍ରାର୍ଥୀ ମାନଙ୍କୁ ତୃତୀୟ ପର୍ଯ୍ୟାୟରେ ସିଟ୍ ଆବଣ୍ଟନ ହୋଇଛି ସେମାନେ ନିର୍ଦ୍ଧାରିତ ଶିକ୍ଷାନୁଷ୍ଠାନରେ ରିପୋର୍ଟ କରିବେ ।
4. ନୂଆକରି ସିଟ୍ ପାଇଥିବା ପ୍ରାର୍ଥୀ ମାନେ ସୋପାନ-୭ ଓ ସୋପାନ-୮ ପାଳନ କରିବେ ।
5. ନିର୍ଦ୍ଧାରିତ ଶିକ୍ଷାନୁଷ୍ଠାନରେ ଅବଶିଷ୍ଟ ଦେୟ ପ୍ରଦାନ ପରେ ନାମ ଲେଖା ସମ୍ପୂର୍ଣ୍ଣ ହେବ । ଟ.୧୦,୦୦୦/- କିମ୍ବା ଟ.୫୦୦୦/- ଆଂଶିକ ଦେୟ ଏହାର ଅଂଶ ହେବ ।
6. କୌଣସି ପରିସ୍ଥିତିରେ ଦେୟ ଫେରସ୍ତ ହେବ ନାହିଁ ।
7. ଯେଉଁ ପ୍ରାର୍ଥୀ ମାନେ ତୃତୀୟ ପର୍ଯ୍ୟାୟରେ ଆବଣ୍ଟିତ ଶିକ୍ଷାନୁଷ୍ଠାନରେ ରିପୋର୍ଟ କରିବେ ନାହିଁ ସେମାନଙ୍କ ସିଟ୍ ବାତିଲ୍ ହେବ ।
*ନାମଲେଖା ପାଇଁ ଆବଶ୍ୟକ ପ୍ରମାଣପତ୍ର
ପ୍ରାର୍ଥୀ ମାନେ ନିଜର ସମସ୍ତ ମୂଳ ପ୍ରମାଣପତ୍ର ଯଥା ର୍‍ୟାଙ୍କ କାର୍ଡ, ଆଡ଼ମିଟ୍ କାର୍ଡ, ଚଏସ୍ ଲକିଙ୍ଗ୍ print out, ସିଟ୍ ଆବଣ୍ଟନ ପତ୍ର, ଜାତି ପ୍ରମାଣପତ୍ର (WO), ଆୟ ପ୍ରମାଣପତ୍ର ଓ ବାସସ୍ଥାନ ପ୍ରମାଣପତ୍ର ସାଙ୍ଗରେ ନେଇଯିବେ ।
ଅନୁସୂଚିତ ଜାତି ଓ ଜନଜାତି ପ୍ରାର୍ଥୀ ମାନେ ତହସିଲଦାରଙ୍କ ଦ୍ୱାରା ପ୍ରଦତ୍ତ ଜାତି ପ୍ରମାଣପତ୍ର ଦେଖାଇବେ । TFW ପାଇଁ ଆୟ ପ୍ରମାଣପତ୍ର ଆବଶ୍ୟକ ।
କାଉନ୍‌ସେଲିଂ ଦ୍ୱାରା ପ୍ରଦାନ କରାଯାଇଥିବା ସିଟ୍ ପାଇଁ ପ୍ରାର୍ଥୀ ମାନେ ନିର୍ଦ୍ଦିଷ୍ଟ ତାରିଖ ମଧ୍ୟରେ ନିଜ କଲେଜରେ ରିପୋର୍ଟ କରିବା ଆବଶ୍ୟକ ।
କଲେଜ ଗୁଡ଼ିକ ଧାର୍ଯ୍ୟ ଦେୟ ଠାରୁ ଅଧିକ ଦେୟ ଦାବି କରିପାରିବେ ନାହିଁ । କୌଣସି ଅଭିଯୋଗ ଥିଲେ ପ୍ରାର୍ଥୀ ମାନେ ଓ.ଜେ.ଇ.ଇ କାର୍ଯ୍ୟାଳୟ ସହ ଯୋଗାଯୋଗ କରିପାରିବେ । ଅଧିକ ସୂଚନା ପାଇଁ ୱେବସାଇଟ୍ www.ojee.nic.in ଦେଖନ୍ତୁ ।
